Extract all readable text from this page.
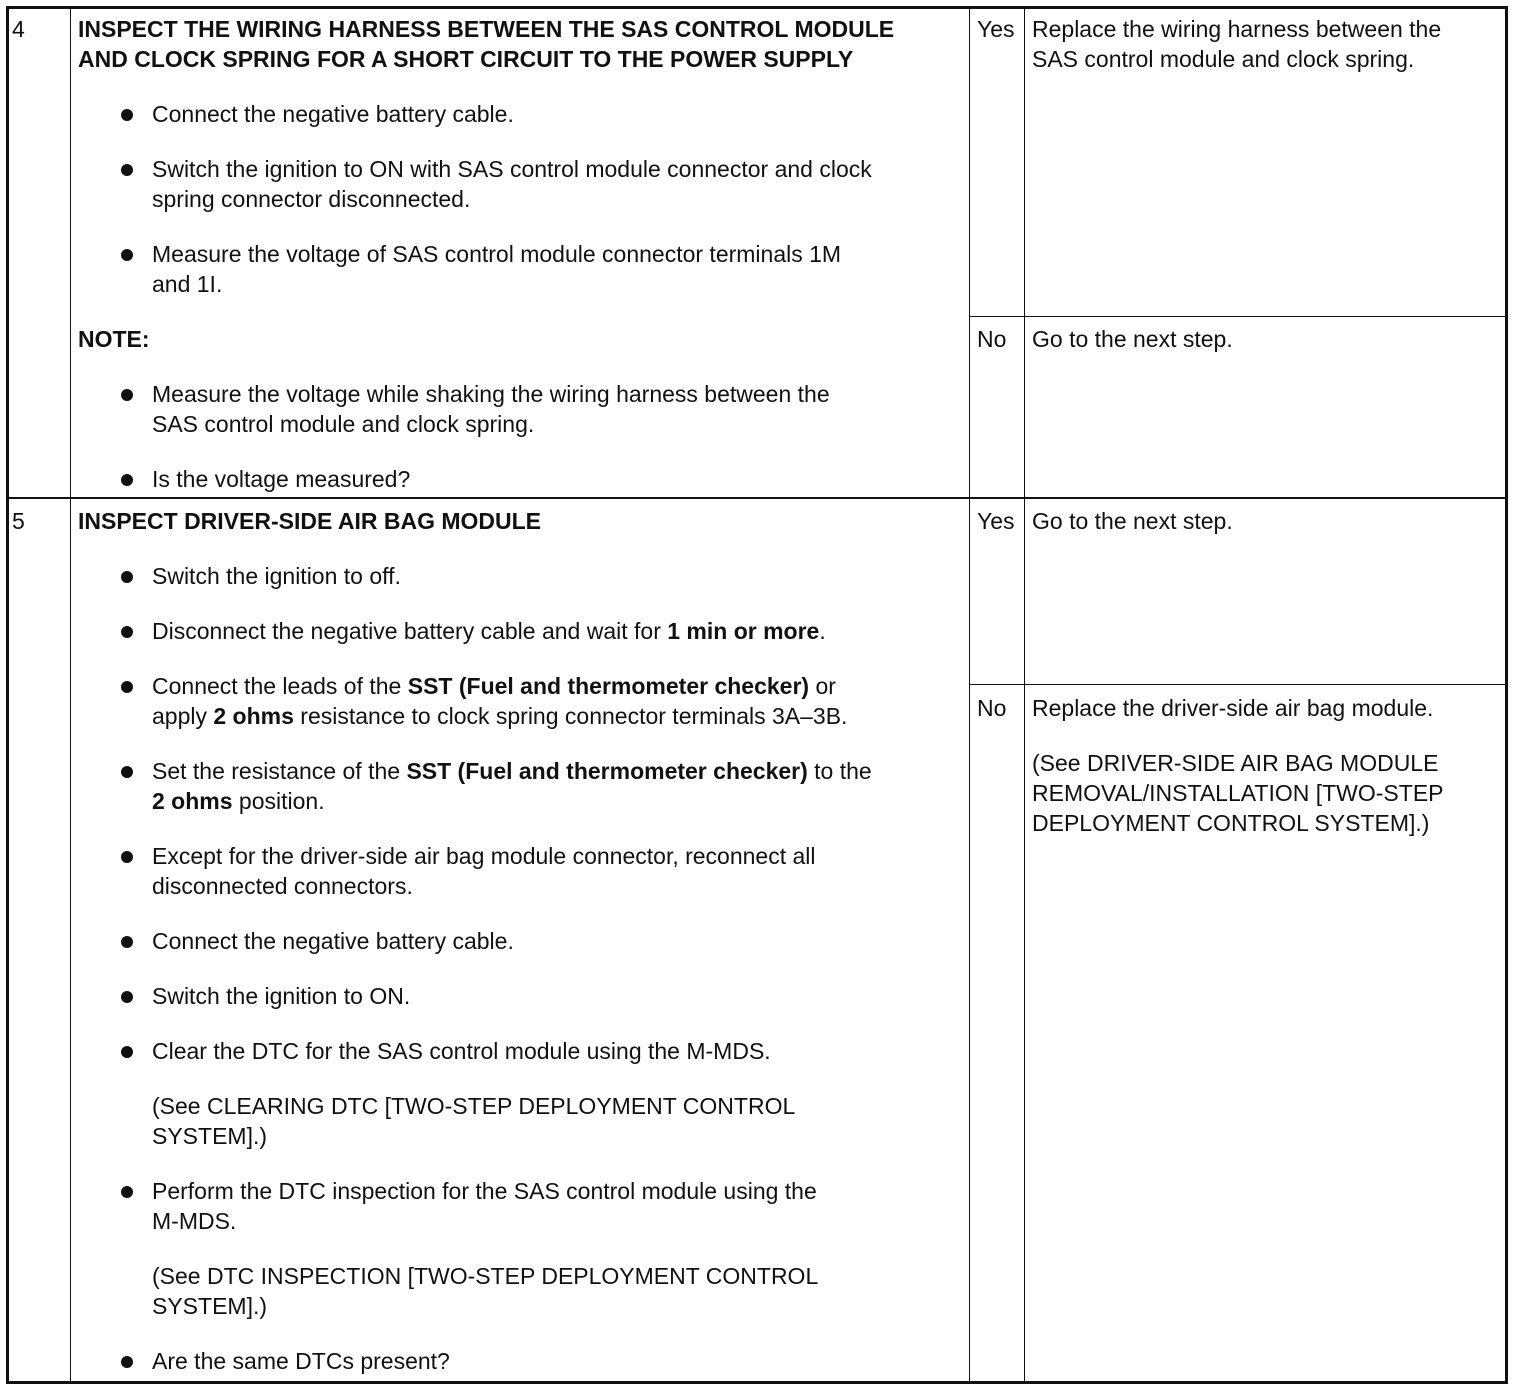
4 INSPECT THE WIRING HARNESS BETWEEN THE SAS CONTROL MODULE
AND CLOCK SPRING FOR A SHORT CIRCUIT TO THE POWER SUPPLY
Connect the negative battery cable.
Switch the ignition to ON with SAS control module connector and clock
spring connector disconnected.
Measure the voltage of SAS control module connector terminals 1M
and 1I.
NOTE:
Measure the voltage while shaking the wiring harness between the
SAS control module and clock spring.
Is the voltage measured?
Yes Replace the wiring harness between the
SAS control module and clock spring.
No Go to the next step.
5 INSPECT DRIVER-SIDE AIR BAG MODULE
Switch the ignition to off.
Disconnect the negative battery cable and wait for 1 min or more.
Connect the leads of the SST (Fuel and thermometer checker) or
apply 2 ohms resistance to clock spring connector terminals 3A–3B.
Set the resistance of the SST (Fuel and thermometer checker) to the
2 ohms position.
Except for the driver-side air bag module connector, reconnect all
disconnected connectors.
Connect the negative battery cable.
Switch the ignition to ON.
Clear the DTC for the SAS control module using the M-MDS.
(See CLEARING DTC [TWO-STEP DEPLOYMENT CONTROL
SYSTEM].)
Perform the DTC inspection for the SAS control module using the
M-MDS.
(See DTC INSPECTION [TWO-STEP DEPLOYMENT CONTROL
SYSTEM].)
Are the same DTCs present?
Yes Go to the next step.
No Replace the driver-side air bag module.
(See DRIVER-SIDE AIR BAG MODULE
REMOVAL/INSTALLATION [TWO-STEP
DEPLOYMENT CONTROL SYSTEM].)
